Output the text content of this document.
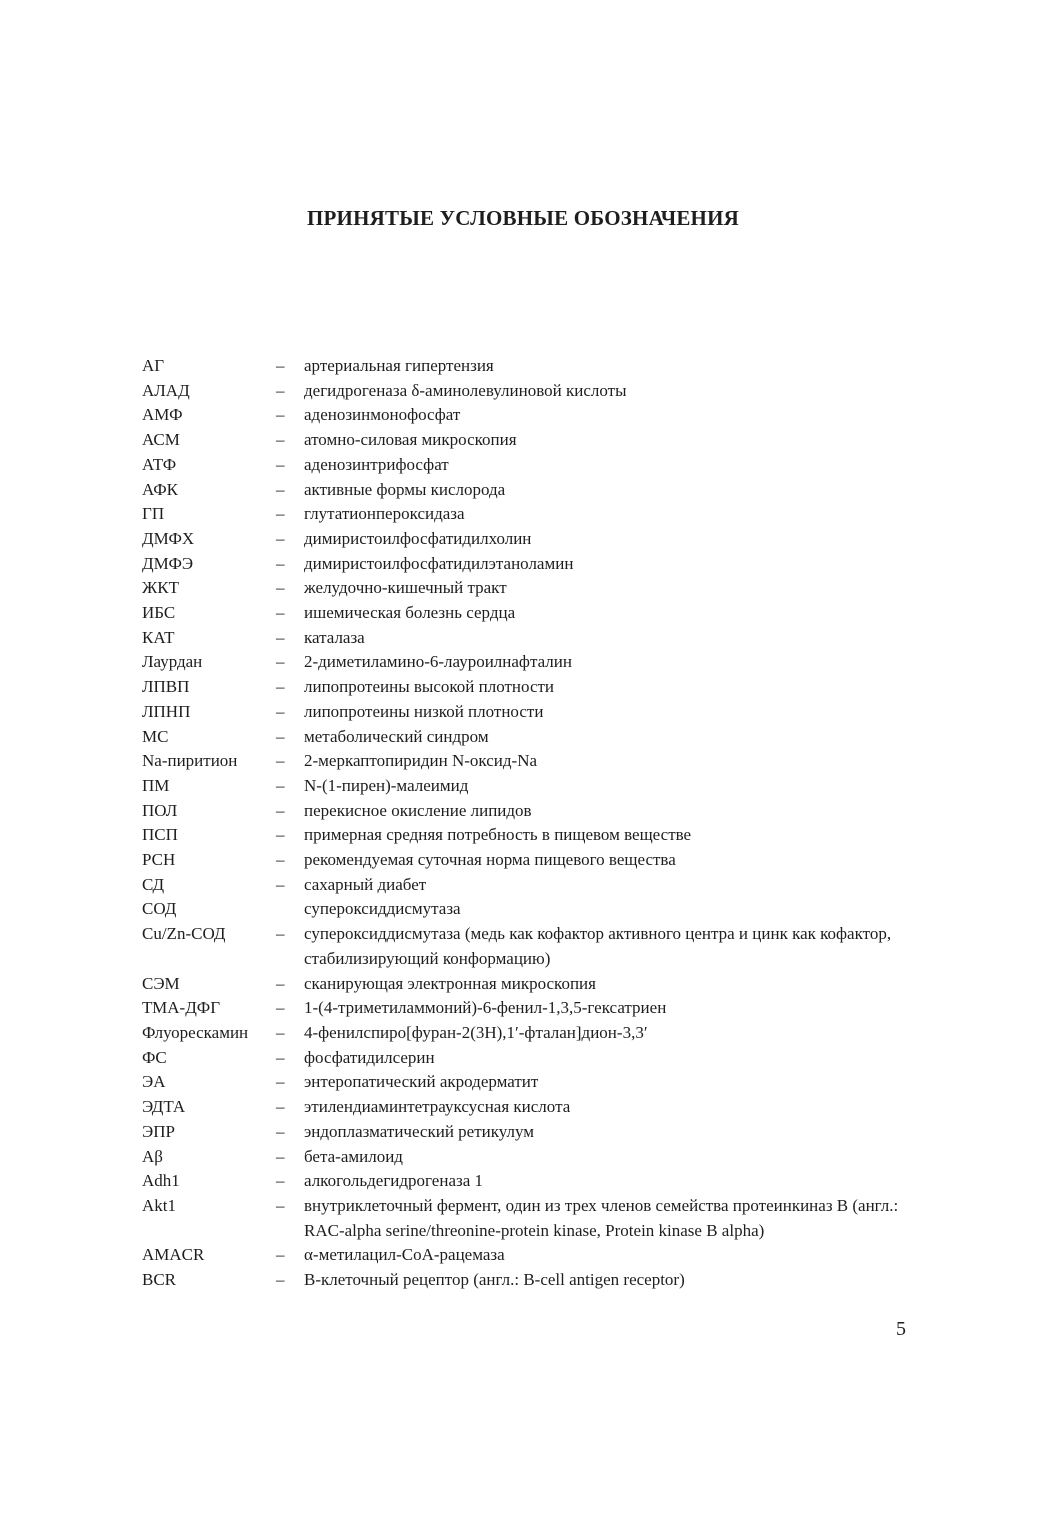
ПРИНЯТЫЕ УСЛОВНЫЕ ОБОЗНАЧЕНИЯ
АГ	–	артериальная гипертензия
АЛАД	–	дегидрогеназа δ-аминолевулиновой кислоты
АМФ	–	аденозинмонофосфат
АСМ	–	атомно-силовая микроскопия
АТФ	–	аденозинтрифосфат
АФК	–	активные формы кислорода
ГП	–	глутатионпероксидаза
ДМФХ	–	димиристоилфосфатидилхолин
ДМФЭ	–	димиристоилфосфатидилэтаноламин
ЖКТ	–	желудочно-кишечный тракт
ИБС	–	ишемическая болезнь сердца
КАТ	–	каталаза
Лаурдан	–	2-диметиламино-6-лауроилнафталин
ЛПВП	–	липопротеины высокой плотности
ЛПНП	–	липопротеины низкой плотности
МС	–	метаболический синдром
Na-пиритион	–	2-меркаптопиридин N-оксид-Na
ПМ	–	N-(1-пирен)-малеимид
ПОЛ	–	перекисное окисление липидов
ПСП	–	примерная средняя потребность в пищевом веществе
РСН	–	рекомендуемая суточная норма пищевого вещества
СД	–	сахарный диабет
СОД	супероксиддисмутаза
Cu/Zn-СОД	–	супероксиддисмутаза (медь как кофактор активного центра и цинк как кофактор, стабилизирующий конформацию)
СЭМ	–	сканирующая электронная микроскопия
ТМА-ДФГ	–	1-(4-триметиламмоний)-6-фенил-1,3,5-гексатриен
Флуорескамин	–	4-фенилспиро[фуран-2(3Н),1′-фталан]дион-3,3′
ФС	–	фосфатидилсерин
ЭА	–	энтеропатический акродерматит
ЭДТА	–	этилендиаминтетрауксусная кислота
ЭПР	–	эндоплазматический ретикулум
Aβ	–	бета-амилоид
Adh1	–	алкогольдегидрогеназа 1
Akt1	–	внутриклеточный фермент, один из трех членов семейства протеинкиназ В (англ.: RAC-alpha serine/threonine-protein kinase, Protein kinase B alpha)
AMACR	–	α-метилацил-CoA-рацемаза
BCR	–	В-клеточный рецептор (англ.: B-cell antigen receptor)
5
